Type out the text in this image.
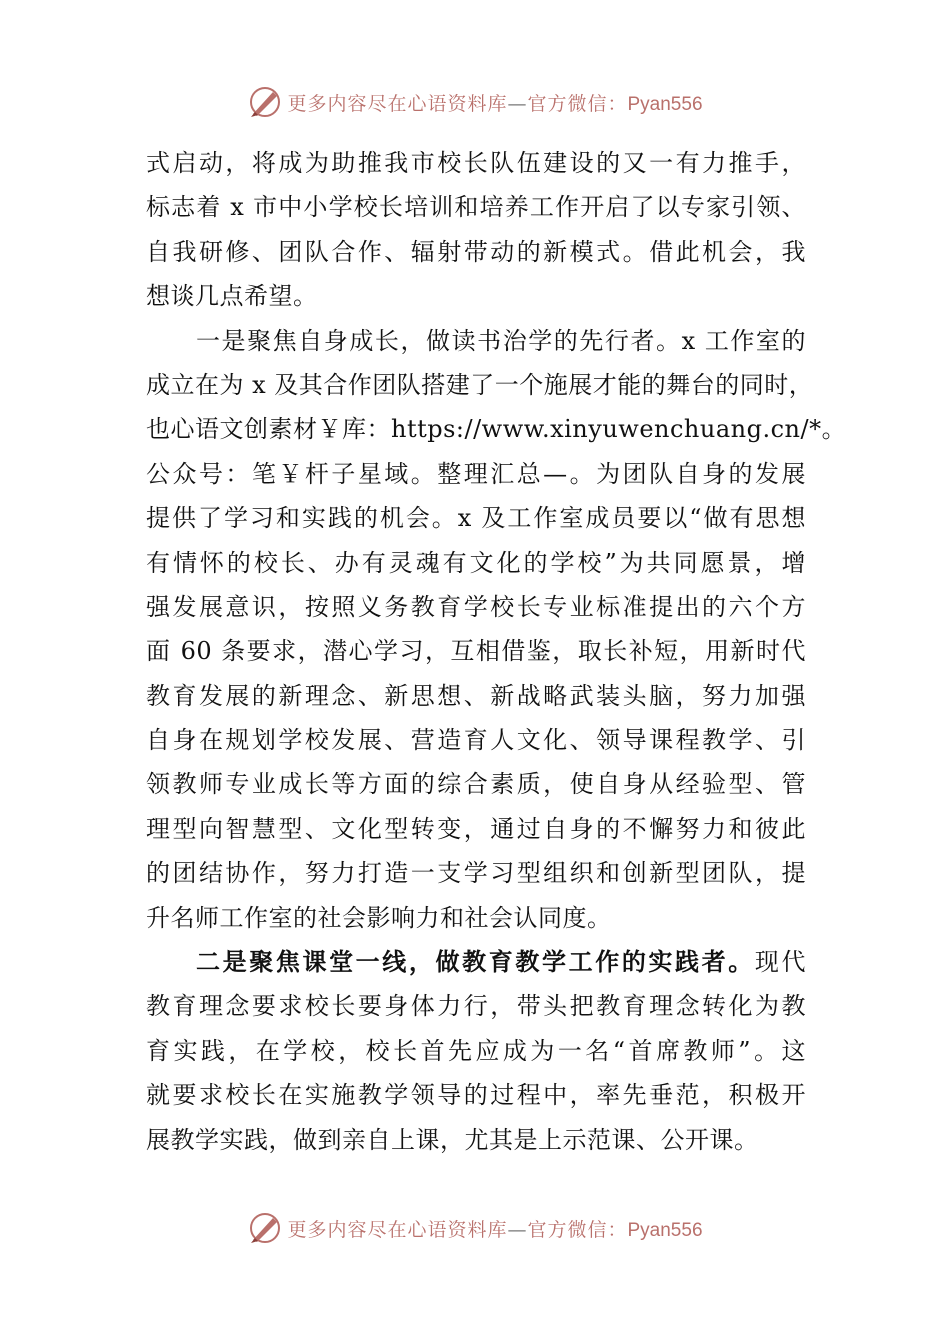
更多内容尽在心语资料库—官方微信：Pyan556
式启动，将成为助推我市校长队伍建设的又一有力推手，
标志着 x 市中小学校长培训和培养工作开启了以专家引领、
自我研修、团队合作、辐射带动的新模式。借此机会，我
想谈几点希望。
一是聚焦自身成长，做读书治学的先行者。x 工作室的
成立在为 x 及其合作团队搭建了一个施展才能的舞台的同时，
也心语文创素材￥库：https://www.xinyuwenchuang.cn/*。
公众号：笔￥杆子星域。整理汇总—。为团队自身的发展
提供了学习和实践的机会。x 及工作室成员要以“做有思想
有情怀的校长、办有灵魂有文化的学校”为共同愿景，增
强发展意识，按照义务教育学校长专业标准提出的六个方
面 60 条要求，潜心学习，互相借鉴，取长补短，用新时代
教育发展的新理念、新思想、新战略武装头脑，努力加强
自身在规划学校发展、营造育人文化、领导课程教学、引
领教师专业成长等方面的综合素质，使自身从经验型、管
理型向智慧型、文化型转变，通过自身的不懈努力和彼此
的团结协作，努力打造一支学习型组织和创新型团队，提
升名师工作室的社会影响力和社会认同度。
二是聚焦课堂一线，做教育教学工作的实践者。现代
教育理念要求校长要身体力行，带头把教育理念转化为教
育实践，在学校，校长首先应成为一名“首席教师”。这
就要求校长在实施教学领导的过程中，率先垂范，积极开
展教学实践，做到亲自上课，尤其是上示范课、公开课。
更多内容尽在心语资料库—官方微信：Pyan556
